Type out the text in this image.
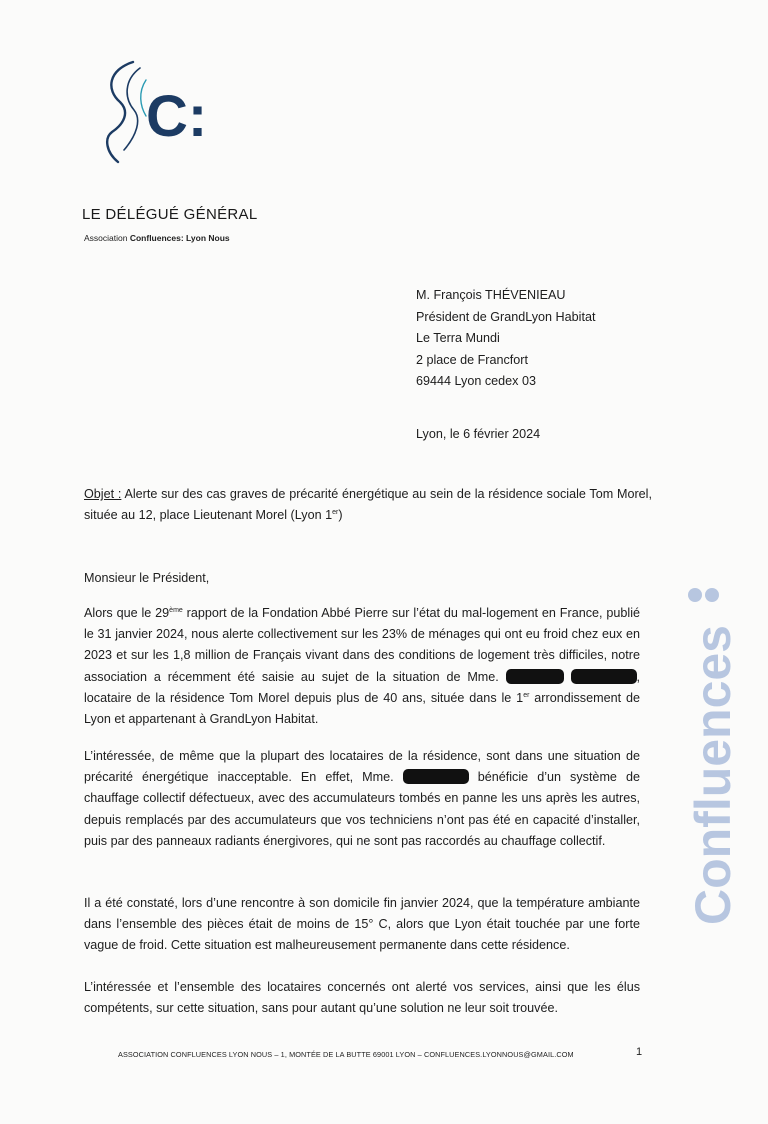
C:
LE DÉLÉGUÉ GÉNÉRAL
Association Confluences: Lyon Nous
M. François THÉVENIEAU
Président de GrandLyon Habitat
Le Terra Mundi
2 place de Francfort
69444 Lyon cedex 03
Lyon, le 6 février 2024
Objet : Alerte sur des cas graves de précarité énergétique au sein de la résidence sociale Tom Morel, située au 12, place Lieutenant Morel (Lyon 1er)
Monsieur le Président,
Alors que le 29ème rapport de la Fondation Abbé Pierre sur l’état du mal-logement en France, publié le 31 janvier 2024, nous alerte collectivement sur les 23% de ménages qui ont eu froid chez eux en 2023 et sur les 1,8 million de Français vivant dans des conditions de logement très difficiles, notre association a récemment été saisie au sujet de la situation de Mme.	, locataire de la résidence Tom Morel depuis plus de 40 ans, située dans le 1er arrondissement de Lyon et appartenant à GrandLyon Habitat.
L’intéressée, de même que la plupart des locataires de la résidence, sont dans une situation de précarité énergétique inacceptable. En effet, Mme.	bénéficie d’un système de chauffage collectif défectueux, avec des accumulateurs tombés en panne les uns après les autres, depuis remplacés par des accumulateurs que vos techniciens n’ont pas été en capacité d’installer, puis par des panneaux radiants énergivores, qui ne sont pas raccordés au chauffage collectif.
Il a été constaté, lors d’une rencontre à son domicile fin janvier 2024, que la température ambiante dans l’ensemble des pièces était de moins de 15° C, alors que Lyon était touchée par une forte vague de froid. Cette situation est malheureusement permanente dans cette résidence.
L’intéressée et l’ensemble des locataires concernés ont alerté vos services, ainsi que les élus compétents, sur cette situation, sans pour autant qu’une solution ne leur soit trouvée.
ASSOCIATION CONFLUENCES LYON NOUS – 1, MONTÉE DE LA BUTTE 69001 LYON – CONFLUENCES.LYONNOUS@GMAIL.COM	1
Confluences
